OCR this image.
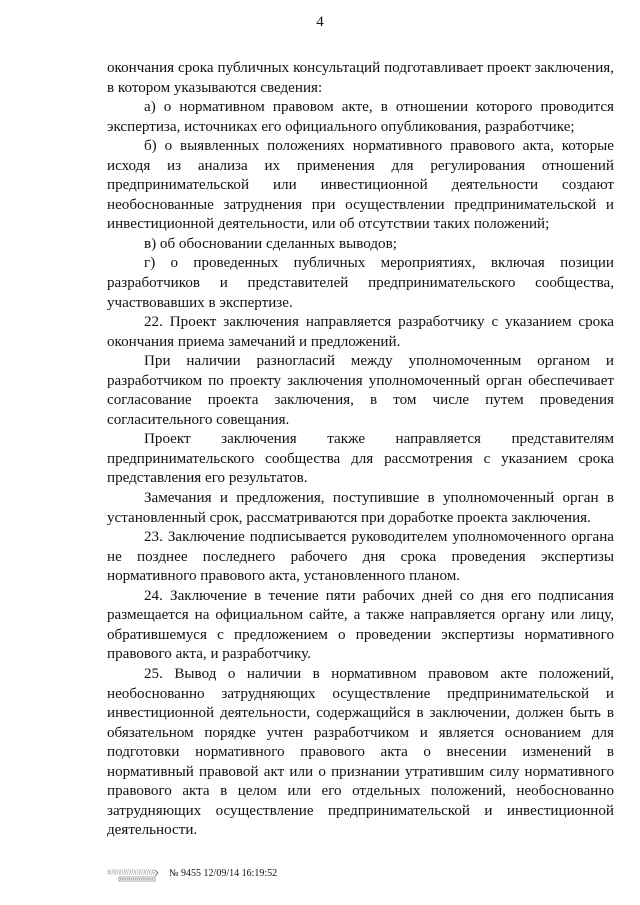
4

окончания срока публичных консультаций подготавливает проект заключения, в котором указываются сведения:

а) о нормативном правовом акте, в отношении которого проводится экспертиза, источниках его официального опубликования, разработчике;

б) о выявленных положениях нормативного правового акта, которые исходя из анализа их применения для регулирования отношений предпринимательской или инвестиционной деятельности создают необоснованные затруднения при осуществлении предпринимательской и инвестиционной деятельности, или об отсутствии таких положений;

в) об обосновании сделанных выводов;

г) о проведенных публичных мероприятиях, включая позиции разработчиков и представителей предпринимательского сообщества, участвовавших в экспертизе.

22. Проект заключения направляется разработчику с указанием срока окончания приема замечаний и предложений.

При наличии разногласий между уполномоченным органом и разработчиком по проекту заключения уполномоченный орган обеспечивает согласование проекта заключения, в том числе путем проведения согласительного совещания.

Проект заключения также направляется представителям предпринимательского сообщества для рассмотрения с указанием срока представления его результатов.

Замечания и предложения, поступившие в уполномоченный орган в установленный срок, рассматриваются при доработке проекта заключения.

23. Заключение подписывается руководителем уполномоченного органа не позднее последнего рабочего дня срока проведения экспертизы нормативного правового акта, установленного планом.

24. Заключение в течение пяти рабочих дней со дня его подписания размещается на официальном сайте, а также направляется органу или лицу, обратившемуся с предложением о проведении экспертизы нормативного правового акта, и разработчику.

25. Вывод о наличии в нормативном правовом акте положений, необоснованно затрудняющих осуществление предпринимательской и инвестиционной деятельности, содержащийся в заключении, должен быть в обязательном порядке учтен разработчиком и является основанием для подготовки нормативного правового акта о внесении изменений в нормативный правовой акт или о признании утратившим силу нормативного правового акта в целом или его отдельных положений, необоснованно затрудняющих осуществление предпринимательской и инвестиционной деятельности.

№ 9455 12/09/14 16:19:52
